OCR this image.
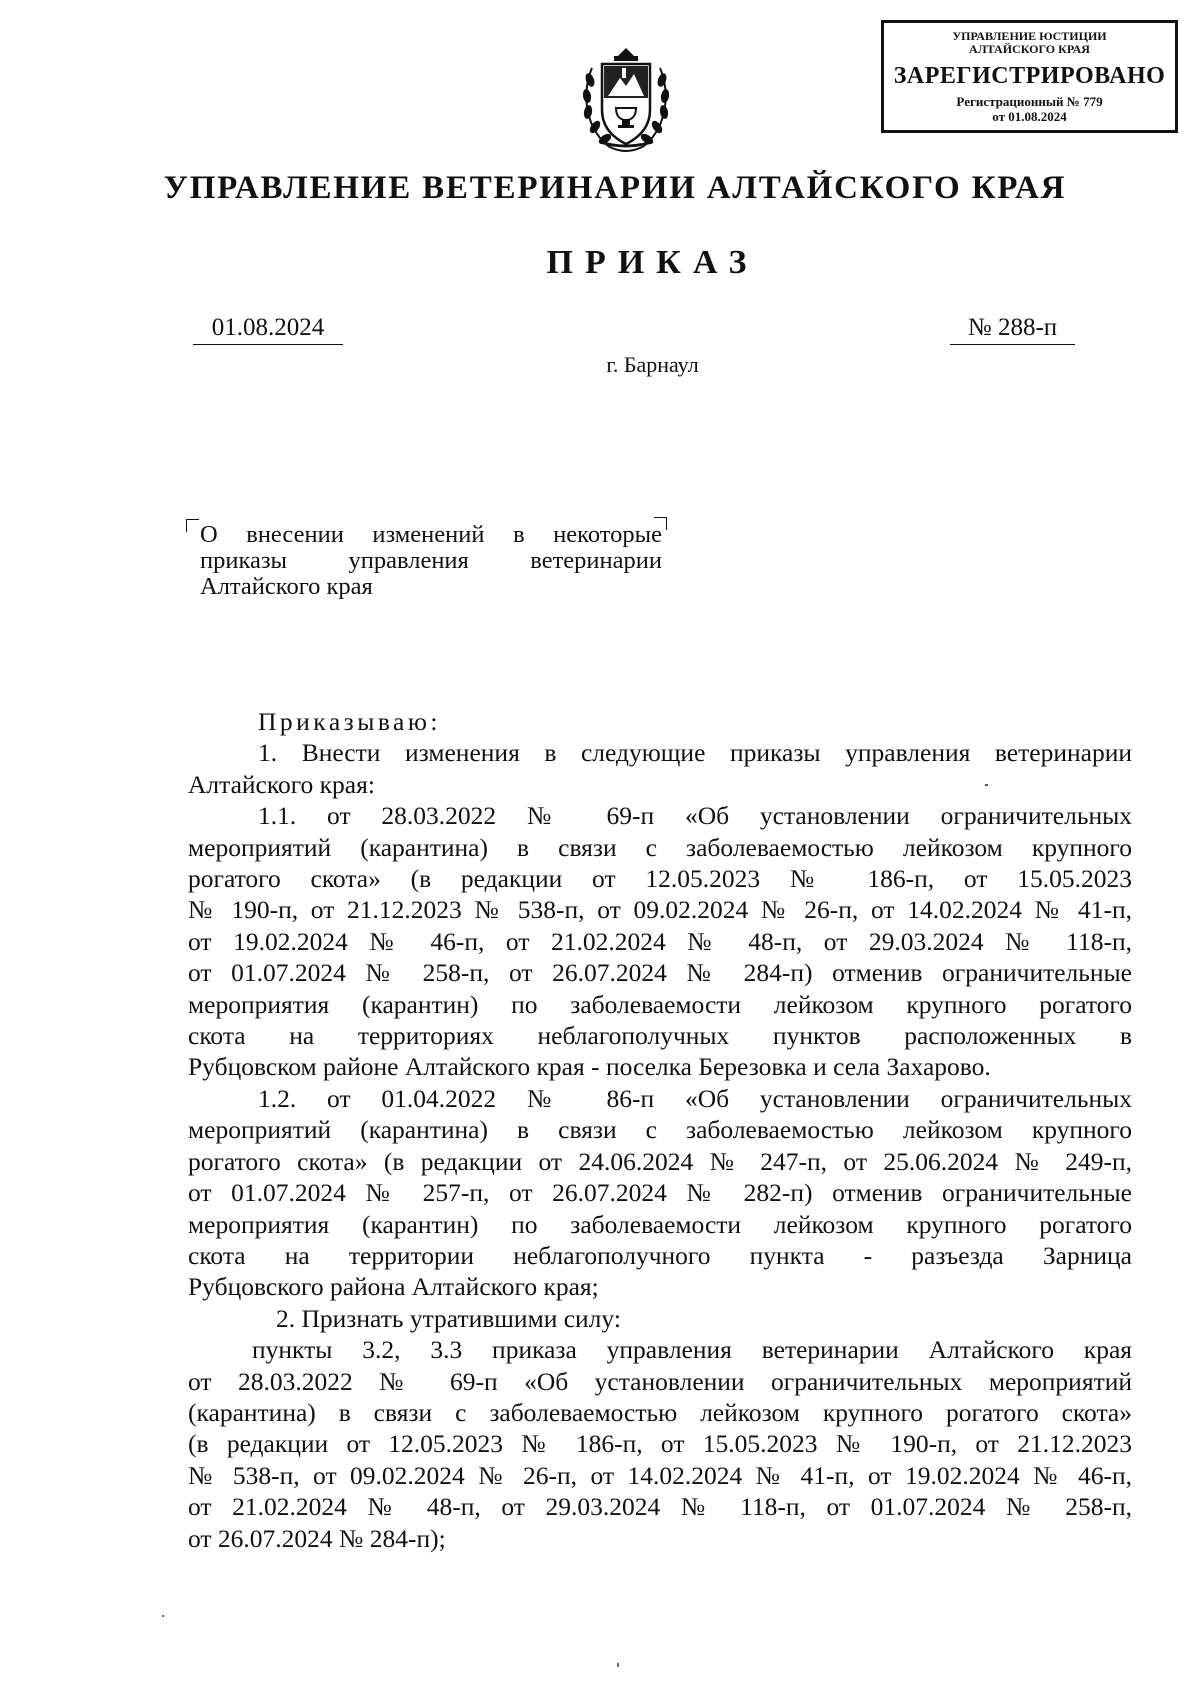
УПРАВЛЕНИЕ ЮСТИЦИИ
АЛТАЙСКОГО КРАЯ
ЗАРЕГИСТРИРОВАНО
Регистрационный № 779
от 01.08.2024
УПРАВЛЕНИЕ ВЕТЕРИНАРИИ АЛТАЙСКОГО КРАЯ
ПРИКАЗ
01.08.2024	№ 288-п
г. Барнаул
О внесении изменений в некоторые
приказы управления ветеринарии
Алтайского края
Приказываю:
1. Внести изменения в следующие приказы управления ветеринарии
Алтайского края:
1.1. от 28.03.2022 № 69-п «Об установлении ограничительных
мероприятий (карантина) в связи с заболеваемостью лейкозом крупного
рогатого скота» (в редакции от 12.05.2023 № 186-п, от 15.05.2023
№ 190-п, от 21.12.2023 № 538-п, от 09.02.2024 № 26-п, от 14.02.2024 № 41-п,
от 19.02.2024 № 46-п, от 21.02.2024 № 48-п, от 29.03.2024 № 118-п,
от 01.07.2024 № 258-п, от 26.07.2024 № 284-п) отменив ограничительные
мероприятия (карантин) по заболеваемости лейкозом крупного рогатого
скота на территориях неблагополучных пунктов расположенных в
Рубцовском районе Алтайского края - поселка Березовка и села Захарово.
1.2. от 01.04.2022 № 86-п «Об установлении ограничительных
мероприятий (карантина) в связи с заболеваемостью лейкозом крупного
рогатого скота» (в редакции от 24.06.2024 № 247-п, от 25.06.2024 № 249-п,
от 01.07.2024 № 257-п, от 26.07.2024 № 282-п) отменив ограничительные
мероприятия (карантин) по заболеваемости лейкозом крупного рогатого
скота на территории неблагополучного пункта - разъезда Зарница
Рубцовского района Алтайского края;
2. Признать утратившими силу:
пункты 3.2, 3.3 приказа управления ветеринарии Алтайского края
от 28.03.2022 № 69-п «Об установлении ограничительных мероприятий
(карантина) в связи с заболеваемостью лейкозом крупного рогатого скота»
(в редакции от 12.05.2023 № 186-п, от 15.05.2023 № 190-п, от 21.12.2023
№ 538-п, от 09.02.2024 № 26-п, от 14.02.2024 № 41-п, от 19.02.2024 № 46-п,
от 21.02.2024 № 48-п, от 29.03.2024 № 118-п, от 01.07.2024 № 258-п,
от 26.07.2024 № 284-п);
